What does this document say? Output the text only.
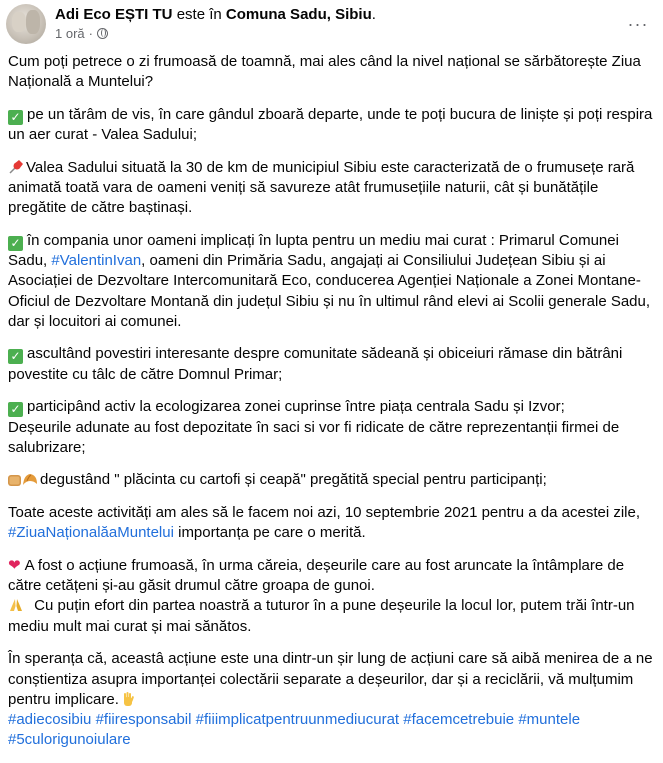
Adi Eco EȘTI TU este în Comuna Sadu, Sibiu.
1 oră ·	···

Cum poți petrece o zi frumoasă de toamnă, mai ales când la nivel național se sărbătorește Ziua Națională a Muntelui?

✓ pe un tărâm de vis, în care gândul zboară departe, unde te poți bucura de liniște și poți respira un aer curat - Valea Sadului;

Valea Sadului situată la 30 de km de municipiul Sibiu este caracterizată de o frumusețe rară animată toată vara de oameni veniți să savureze atât frumusețiile naturii, cât și bunătățile pregătite de către baștinași.

✓ în compania unor oameni implicați în lupta pentru un mediu mai curat : Primarul Comunei Sadu, #ValentinIvan, oameni din Primăria Sadu, angajați ai Consiliului Județean Sibiu și ai Asociației de Dezvoltare Intercomunitară Eco, conducerea Agenției Naționale a Zonei Montane-Oficiul de Dezvoltare Montană din județul Sibiu și nu în ultimul rând elevi ai Scolii generale Sadu, dar și locuitori ai comunei.

✓ ascultând povestiri interesante despre comunitate sădeană și obiceiuri rămase din bătrâni povestite cu tâlc de către Domnul Primar;

✓ participând activ la ecologizarea zonei cuprinse între piața centrala Sadu și Izvor;
Deșeurile adunate au fost depozitate în saci si vor fi ridicate de către reprezentanții firmei de salubrizare;

degustând " plăcinta cu cartofi și ceapă" pregătită special pentru participanți;

Toate aceste activități am ales să le facem noi azi, 10 septembrie 2021 pentru a da acestei zile, #ZiuaNaționalăaMuntelui importanța pe care o merită.

❤ A fost o acțiune frumoasă, în urma căreia, deșeurile care au fost aruncate la întâmplare de către cetățeni și-au găsit drumul către groapa de gunoi.
Cu puțin efort din partea noastră a tuturor în a pune deșeurile la locul lor, putem trăi într-un mediu mult mai curat și mai sănătos.

În speranța că, aceastâ acțiune este una dintr-un șir lung de acțiuni care să aibă menirea de a ne conștientiza asupra importanței colectării separate a deșeurilor, dar și a reciclării, vă mulțumim pentru implicare.
#adiecosibiu #fiiresponsabil #fiiimplicatpentruunmediucurat #facemcetrebuie #muntele
#5culorigunoiulare
